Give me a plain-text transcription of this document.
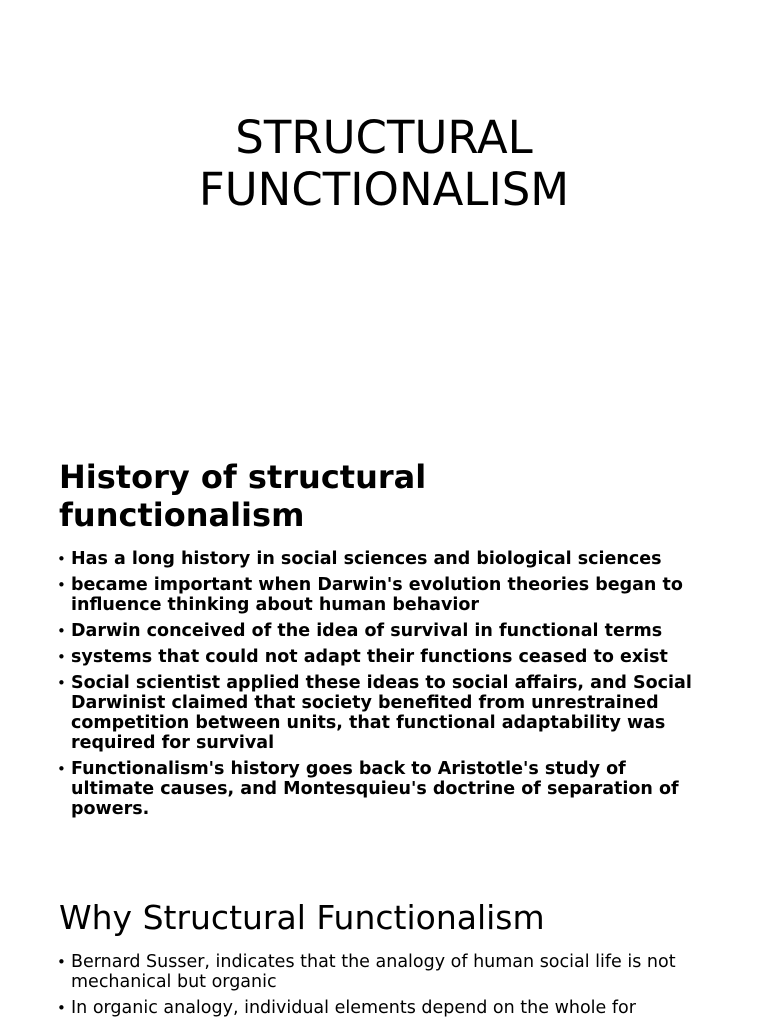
STRUCTURAL
FUNCTIONALISM
History of structural
functionalism
• Has a long history in social sciences and biological sciences
• became important when Darwin's evolution theories began to influence thinking about human behavior
• Darwin conceived of the idea of survival in functional terms
• systems that could not adapt their functions ceased to exist
• Social scientist applied these ideas to social affairs, and Social Darwinist claimed that society benefited from unrestrained competition between units, that functional adaptability was required for survival
• Functionalism's history goes back to Aristotle's study of ultimate causes, and Montesquieu's doctrine of separation of powers.
Why Structural Functionalism
• Bernard Susser, indicates that the analogy of human social life is not mechanical but organic
• In organic analogy, individual elements depend on the whole for
